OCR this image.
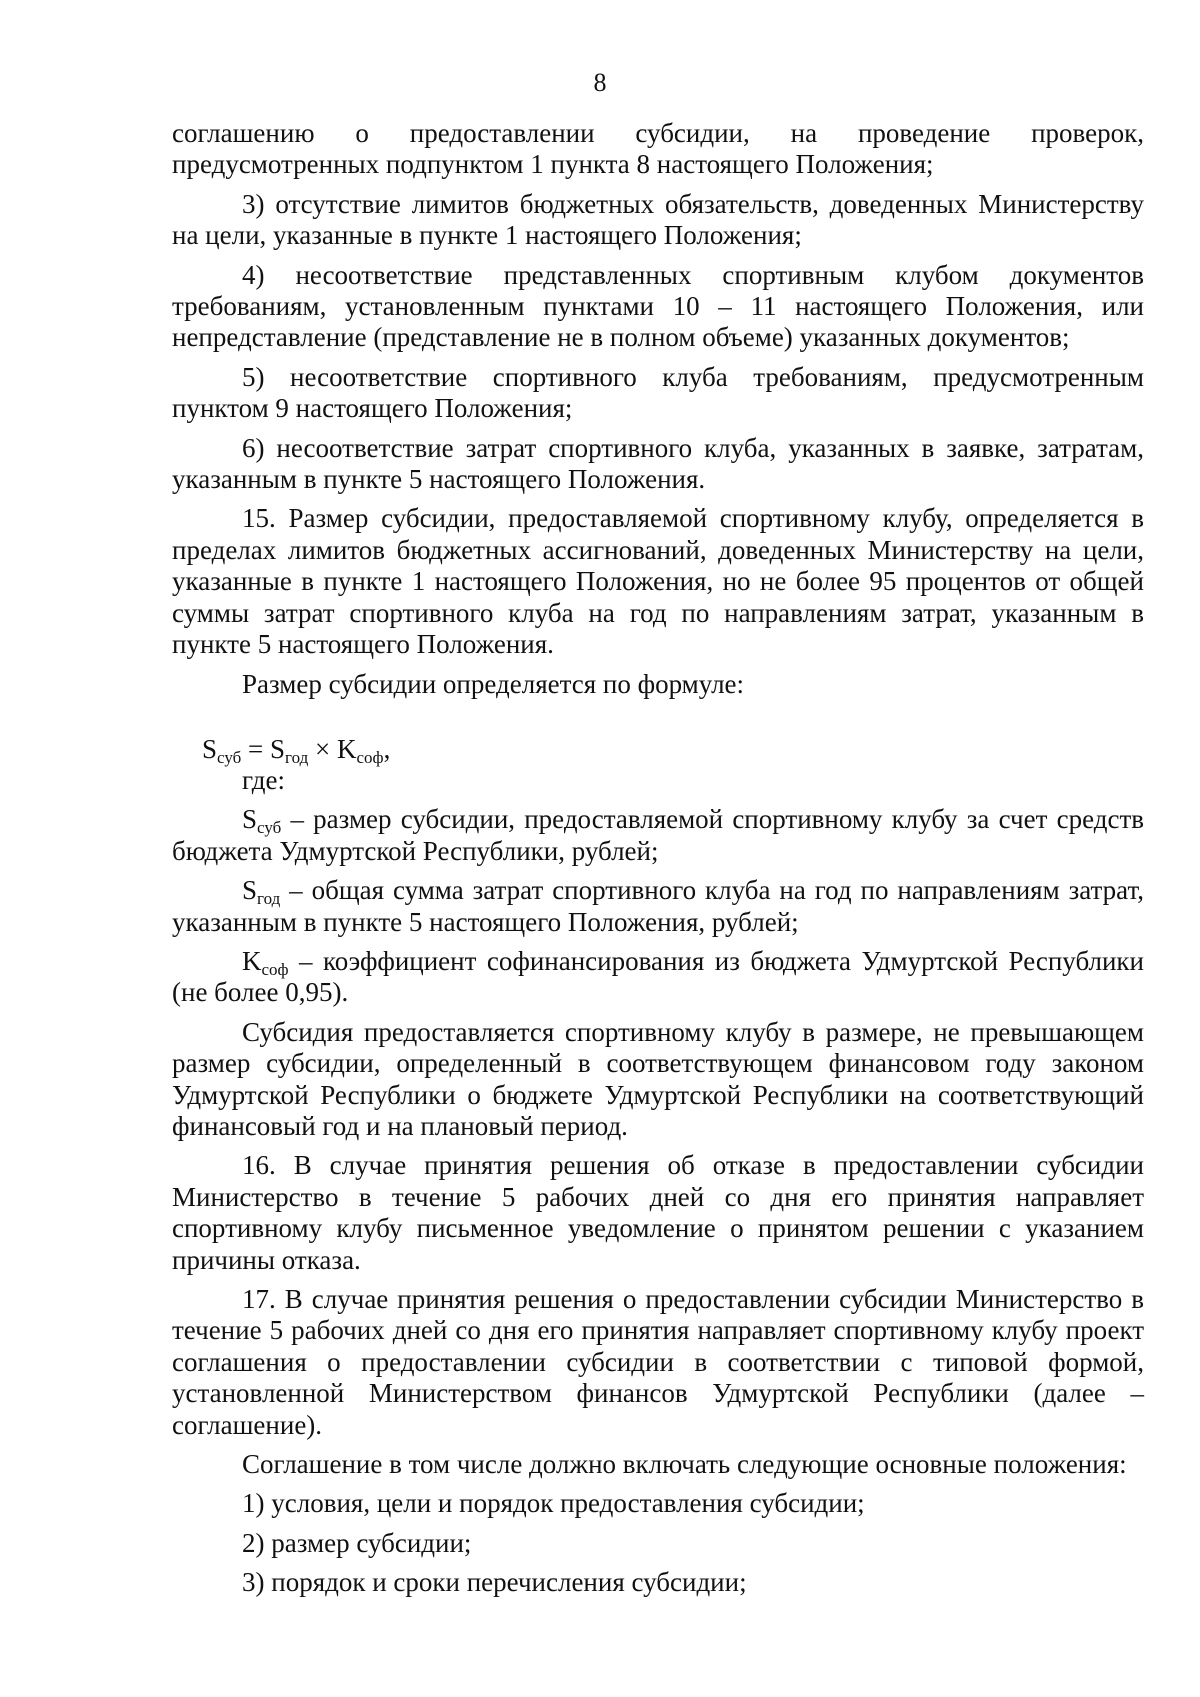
8

соглашению о предоставлении субсидии, на проведение проверок, предусмотренных подпунктом 1 пункта 8 настоящего Положения;

3) отсутствие лимитов бюджетных обязательств, доведенных Министерству на цели, указанные в пункте 1 настоящего Положения;

4) несоответствие представленных спортивным клубом документов требованиям, установленным пунктами 10 – 11 настоящего Положения, или непредставление (представление не в полном объеме) указанных документов;

5) несоответствие спортивного клуба требованиям, предусмотренным пунктом 9 настоящего Положения;

6) несоответствие затрат спортивного клуба, указанных в заявке, затратам, указанным в пункте 5 настоящего Положения.

15. Размер субсидии, предоставляемой спортивному клубу, определяется в пределах лимитов бюджетных ассигнований, доведенных Министерству на цели, указанные в пункте 1 настоящего Положения, но не более 95 процентов от общей суммы затрат спортивного клуба на год по направлениям затрат, указанным в пункте 5 настоящего Положения.

Размер субсидии определяется по формуле:

$S_{суб} = S_{год} \times K_{соф}$,

где:

$S_{суб}$ – размер субсидии, предоставляемой спортивному клубу за счет средств бюджета Удмуртской Республики, рублей;

$S_{год}$ – общая сумма затрат спортивного клуба на год по направлениям затрат, указанным в пункте 5 настоящего Положения, рублей;

$K_{соф}$ – коэффициент софинансирования из бюджета Удмуртской Республики (не более 0,95).

Субсидия предоставляется спортивному клубу в размере, не превышающем размер субсидии, определенный в соответствующем финансовом году законом Удмуртской Республики о бюджете Удмуртской Республики на соответствующий финансовый год и на плановый период.

16. В случае принятия решения об отказе в предоставлении субсидии Министерство в течение 5 рабочих дней со дня его принятия направляет спортивному клубу письменное уведомление о принятом решении с указанием причины отказа.

17. В случае принятия решения о предоставлении субсидии Министерство в течение 5 рабочих дней со дня его принятия направляет спортивному клубу проект соглашения о предоставлении субсидии в соответствии с типовой формой, установленной Министерством финансов Удмуртской Республики (далее – соглашение).

Соглашение в том числе должно включать следующие основные положения:

1) условия, цели и порядок предоставления субсидии;

2) размер субсидии;

3) порядок и сроки перечисления субсидии;
